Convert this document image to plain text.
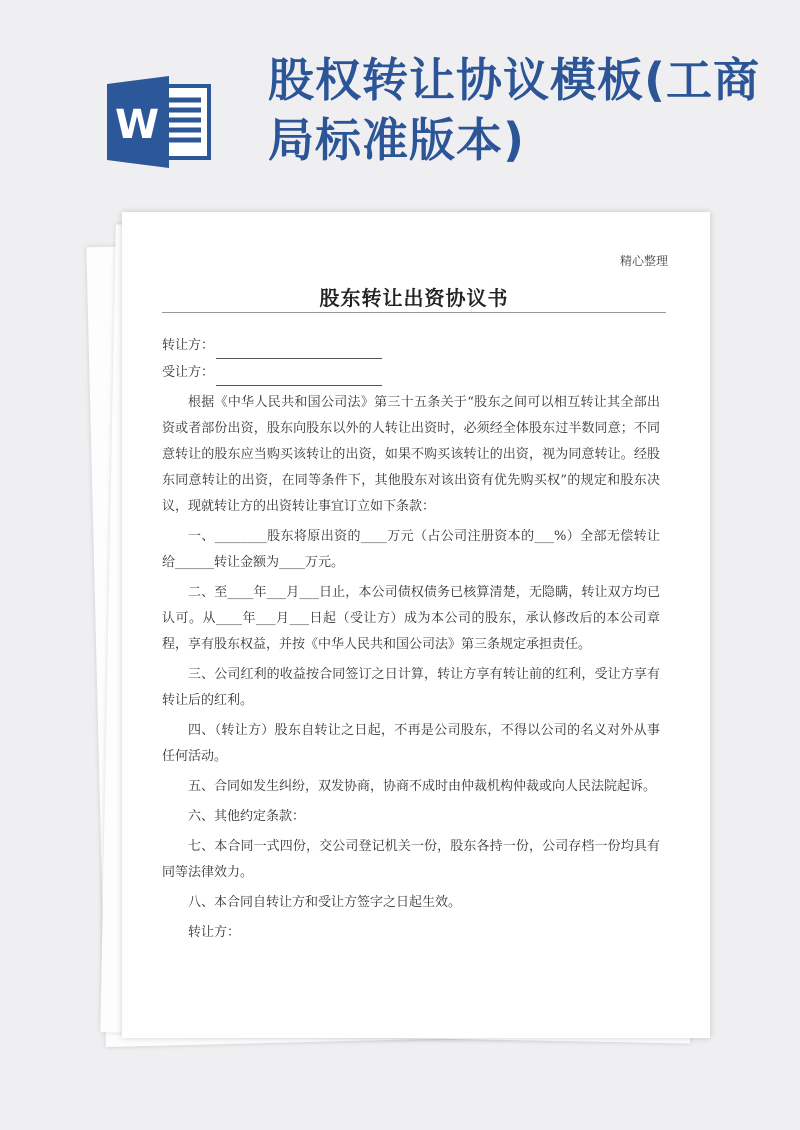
W
股权转让协议模板(工商局标准版本)
精心整理
股东转让出资协议书

转让方：

受让方：

根据《中华人民共和国公司法》第三十五条关于“股东之间可以相互转让其全部出资或者部份出资，股东向股东以外的人转让出资时，必须经全体股东过半数同意；不同意转让的股东应当购买该转让的出资，如果不购买该转让的出资，视为同意转让。经股东同意转让的出资，在同等条件下，其他股东对该出资有优先购买权”的规定和股东决议，现就转让方的出资转让事宜订立如下条款：

一、________股东将原出资的____万元（占公司注册资本的___%）全部无偿转让给______转让金额为____万元。

二、至____年___月___日止，本公司债权债务已核算清楚，无隐瞒，转让双方均已认可。从____年___月___日起（受让方）成为本公司的股东，承认修改后的本公司章程，享有股东权益，并按《中华人民共和国公司法》第三条规定承担责任。

三、公司红利的收益按合同签订之日计算，转让方享有转让前的红利，受让方享有转让后的红利。

四、（转让方）股东自转让之日起，不再是公司股东，不得以公司的名义对外从事任何活动。

五、合同如发生纠纷，双发协商，协商不成时由仲裁机构仲裁或向人民法院起诉。

六、其他约定条款：

七、本合同一式四份，交公司登记机关一份，股东各持一份，公司存档一份均具有同等法律效力。

八、本合同自转让方和受让方签字之日起生效。

转让方：
